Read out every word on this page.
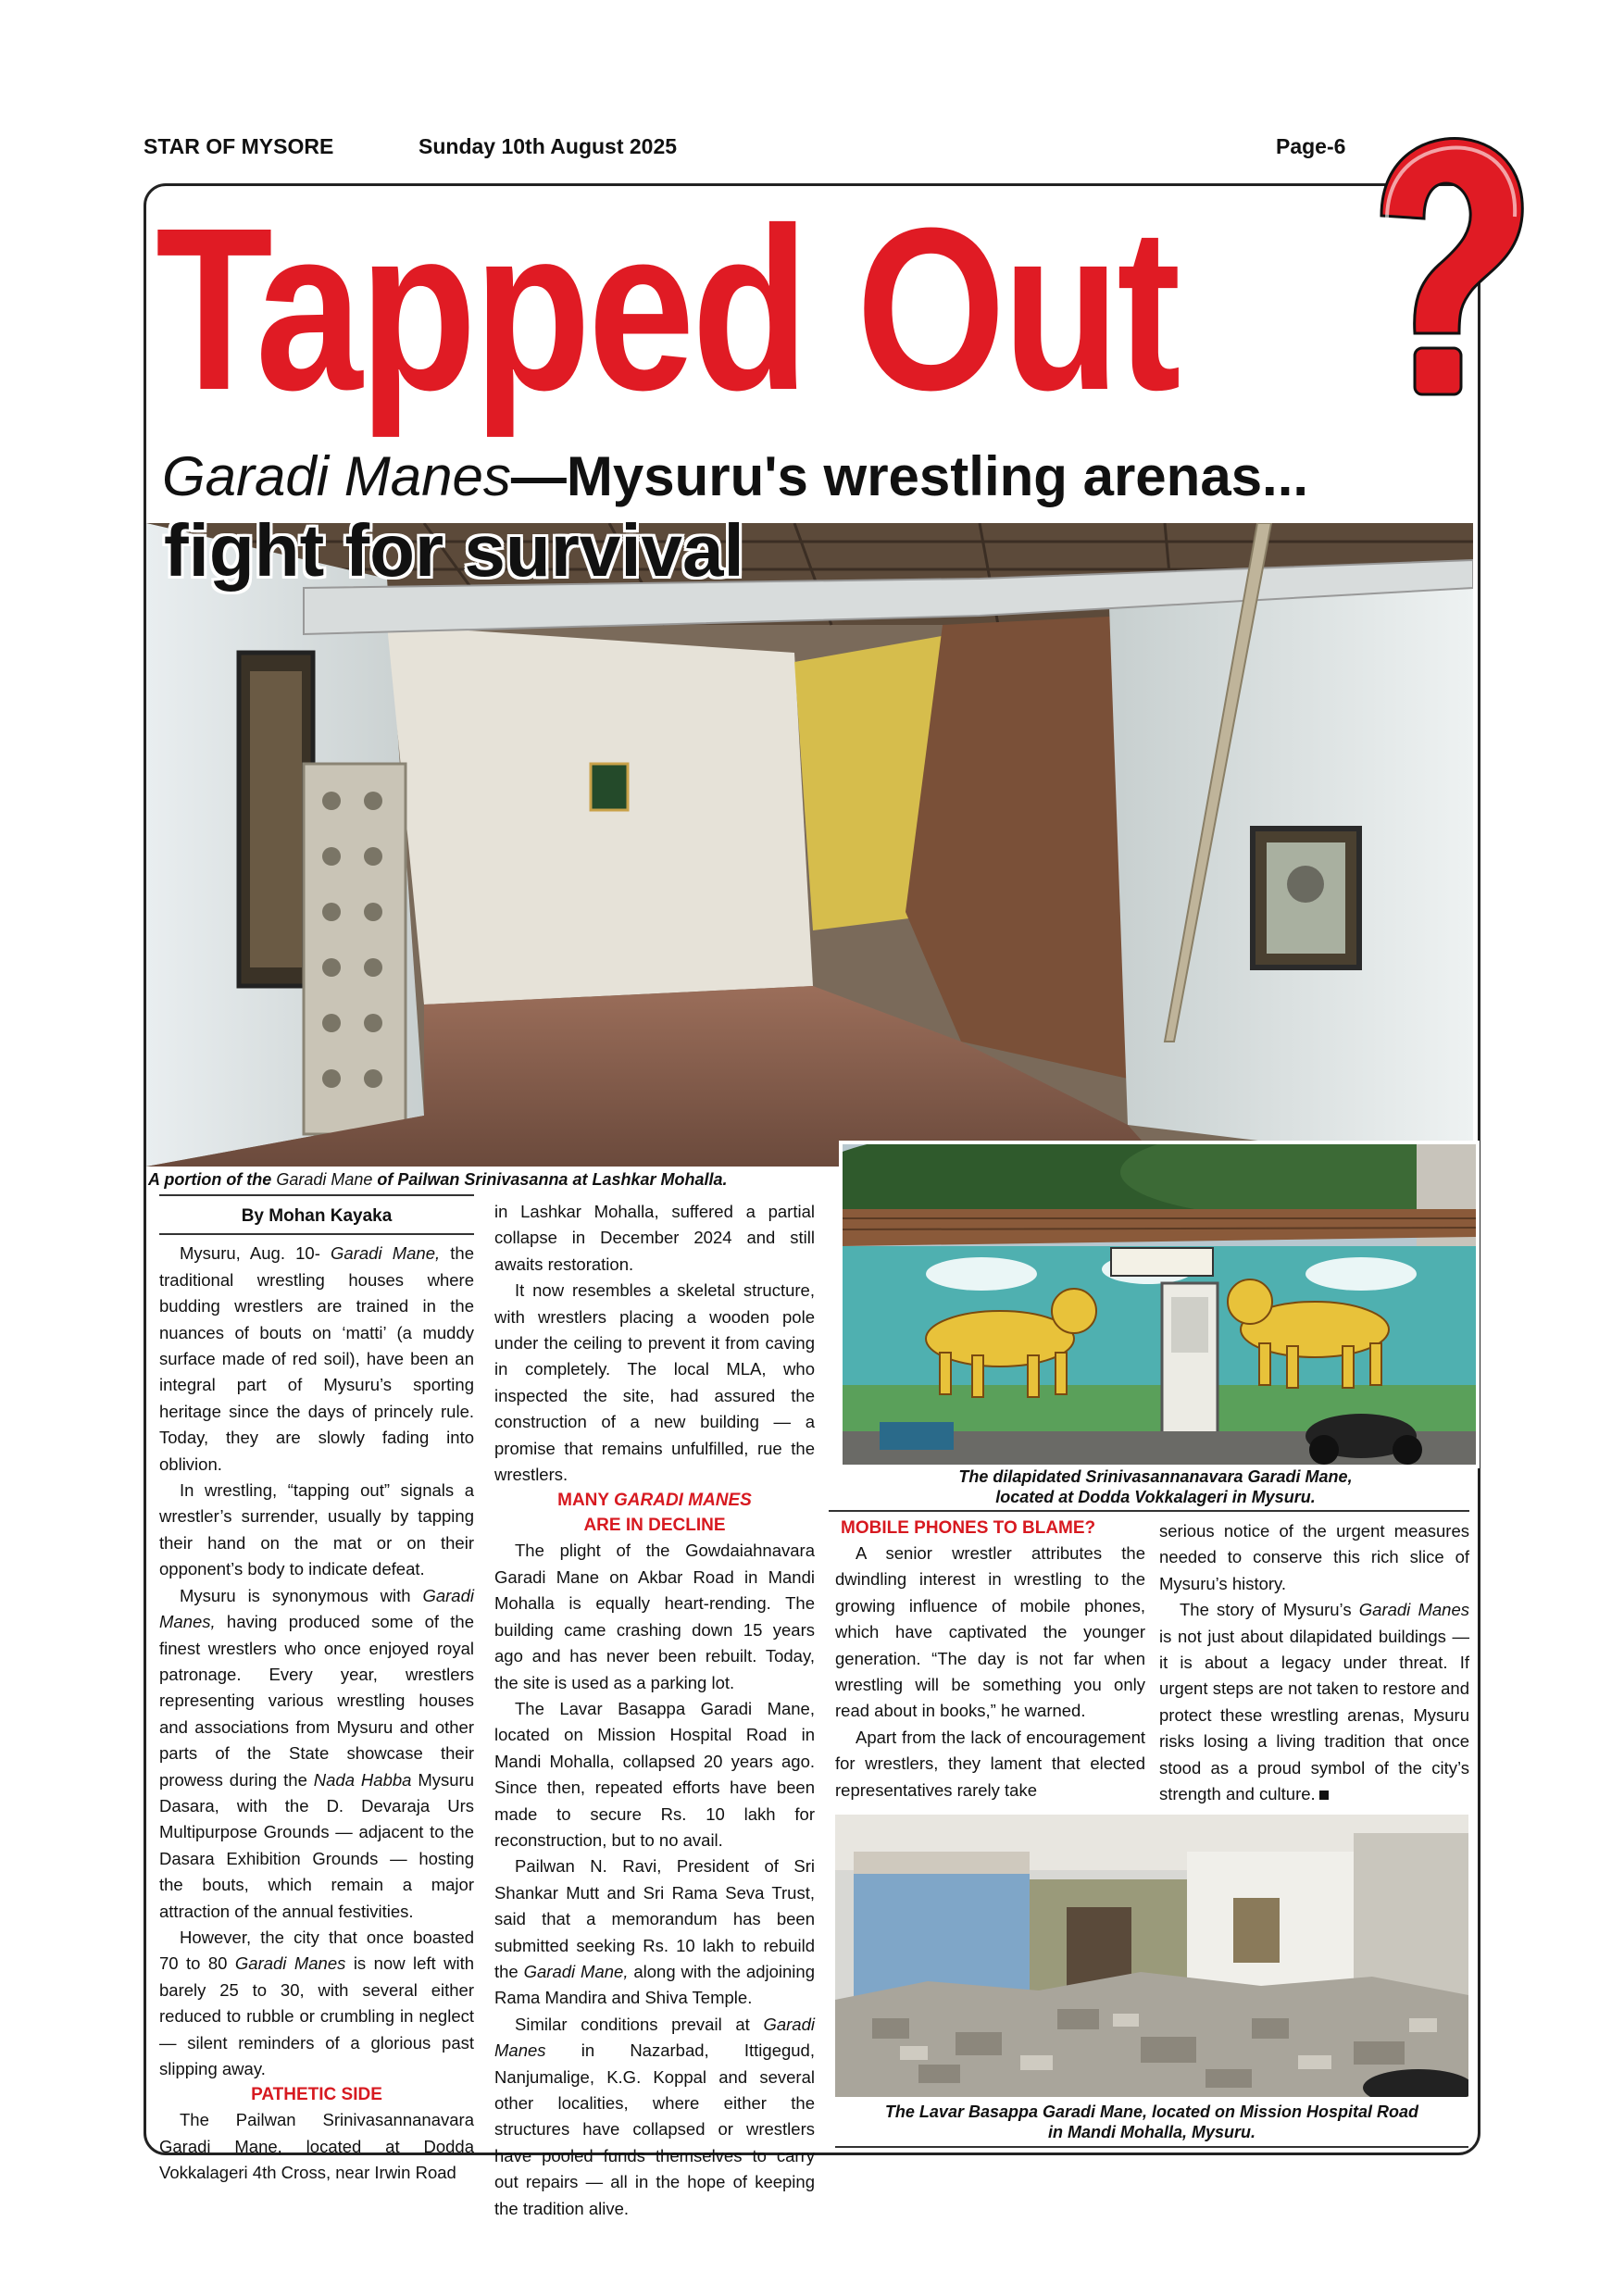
STAR OF MYSORE	Sunday 10th August 2025	Page-6
Tapped Out
Garadi Manes—Mysuru's wrestling arenas...
fight for survival
A portion of the Garadi Mane of Pailwan Srinivasanna at Lashkar Mohalla.
The dilapidated Srinivasannanavara Garadi Mane,
located at Dodda Vokkalageri in Mysuru.
By Mohan Kayaka

Mysuru, Aug. 10- Garadi Mane, the traditional wrestling houses where budding wrestlers are trained in the nuances of bouts on ‘matti’ (a muddy surface made of red soil), have been an integral part of Mysuru’s sporting heritage since the days of princely rule. Today, they are slowly fading into oblivion.

In wrestling, “tapping out” signals a wrestler’s surrender, usually by tapping their hand on the mat or on their opponent’s body to indicate defeat.

Mysuru is synonymous with Garadi Manes, having produced some of the finest wrestlers who once enjoyed royal patronage. Every year, wrestlers representing various wrestling houses and associations from Mysuru and other parts of the State showcase their prowess during the Nada Habba Mysuru Dasara, with the D. Devaraja Urs Multipurpose Grounds — adjacent to the Dasara Exhibition Grounds — hosting the bouts, which remain a major attraction of the annual festivities.

However, the city that once boasted 70 to 80 Garadi Manes is now left with barely 25 to 30, with several either reduced to rubble or crumbling in neglect — silent reminders of a glorious past slipping away.

PATHETIC SIDE

The Pailwan Srinivasannanavara Garadi Mane, located at Dodda Vokkalageri 4th Cross, near Irwin Road

in Lashkar Mohalla, suffered a partial collapse in December 2024 and still awaits restoration.

It now resembles a skeletal structure, with wrestlers placing a wooden pole under the ceiling to prevent it from caving in completely. The local MLA, who inspected the site, had assured the construction of a new building — a promise that remains unfulfilled, rue the wrestlers.

MANY GARADI MANES
ARE IN DECLINE

The plight of the Gowdaiahnavara Garadi Mane on Akbar Road in Mandi Mohalla is equally heart-rending. The building came crashing down 15 years ago and has never been rebuilt. Today, the site is used as a parking lot.

The Lavar Basappa Garadi Mane, located on Mission Hospital Road in Mandi Mohalla, collapsed 20 years ago. Since then, repeated efforts have been made to secure Rs. 10 lakh for reconstruction, but to no avail.

Pailwan N. Ravi, President of Sri Shankar Mutt and Sri Rama Seva Trust, said that a memorandum has been submitted seeking Rs. 10 lakh to rebuild the Garadi Mane, along with the adjoining Rama Mandira and Shiva Temple.

Similar conditions prevail at Garadi Manes in Nazarbad, Ittigegud, Nanjumalige, K.G. Koppal and several other localities, where either the structures have collapsed or wrestlers have pooled funds themselves to carry out repairs — all in the hope of keeping the tradition alive.

MOBILE PHONES TO BLAME?

A senior wrestler attributes the dwindling interest in wrestling to the growing influence of mobile phones, which have captivated the younger generation. “The day is not far when wrestling will be something you only read about in books,” he warned.

Apart from the lack of encouragement for wrestlers, they lament that elected representatives rarely take

serious notice of the urgent measures needed to conserve this rich slice of Mysuru’s history.

The story of Mysuru’s Garadi Manes is not just about dilapidated buildings — it is about a legacy under threat. If urgent steps are not taken to restore and protect these wrestling arenas, Mysuru risks losing a living tradition that once stood as a proud symbol of the city’s strength and culture.

The Lavar Basappa Garadi Mane, located on Mission Hospital Road
in Mandi Mohalla, Mysuru.
